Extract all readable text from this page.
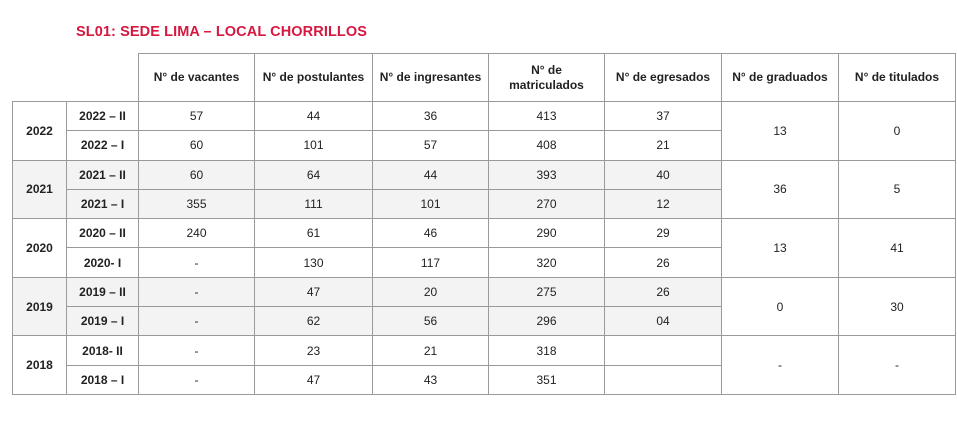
SL01: SEDE LIMA – LOCAL CHORRILLOS
		N° de vacantes	N° de postulantes	N° de ingresantes	N° de matriculados	N° de egresados	N° de graduados	N° de titulados
2022	2022 – II	57	44	36	413	37	13	0
	2022 – I	60	101	57	408	21		
2021	2021 – II	60	64	44	393	40	36	5
	2021 – I	355	111	101	270	12		
2020	2020 – II	240	61	46	290	29	13	41
	2020- I	-	130	117	320	26		
2019	2019 – II	-	47	20	275	26	0	30
	2019 – I	-	62	56	296	04		
2018	2018- II	-	23	21	318		-	-
	2018 – I	-	47	43	351			
